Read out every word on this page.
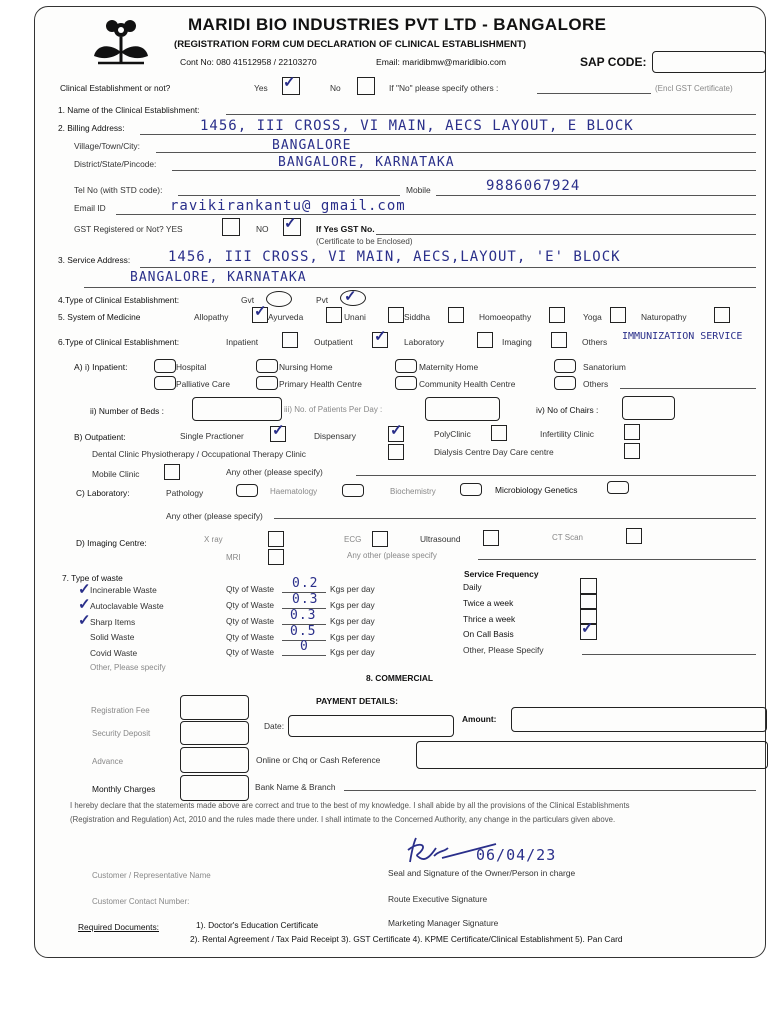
MARIDI BIO INDUSTRIES PVT LTD - BANGALORE
(REGISTRATION FORM CUM DECLARATION OF CLINICAL ESTABLISHMENT)
Cont No: 080 41512958 / 22103270	Email: maridibmw@maridibio.com	SAP CODE:
Clinical Establishment or not?	Yes ✓	No	If "No" please specify others :	(Encl GST Certificate)
1. Name of the Clinical Establishment:
2. Billing Address:	1456, III CROSS, VI MAIN, AECS LAYOUT, E BLOCK
Village/Town/City:	BANGALORE
District/State/Pincode:	BANGALORE, KARNATAKA
Tel No (with STD code):	Mobile	9886067924
Email ID	ravikirankantu@ gmail.com
GST Registered or Not? YES	NO ✓ If Yes GST No.
(Certificate to be Enclosed)
3. Service Address:	1456, III CROSS, VI MAIN, AECS,LAYOUT, 'E' BLOCK
BANGALORE, KARNATAKA
4.Type of Clinical Establishment:	Gvt	Pvt ✓
5. System of Medicine	Allopathy ✓ Ayurveda	Unani	Siddha	Homoeopathy	Yoga	Naturopathy
6.Type of Clinical Establishment:	Inpatient	Outpatient ✓ Laboratory	Imaging	Others IMMUNIZATION SERVICE
A) i) Inpatient:	Hospital	Nursing Home	Maternity Home	Sanatorium
Palliative Care	Primary Health Centre	Community Health Centre	Others
ii) Number of Beds :	iii) No. of Patients Per Day :	iv) No of Chairs :
B) Outpatient:	Single Practioner ✓	Dispensary ✓	PolyClinic	Infertility Clinic
Dental Clinic Physiotherapy / Occupational Therapy Clinic	Dialysis Centre Day Care centre
Mobile Clinic	Any other (please specify)
C) Laboratory:	Pathology	Haematology	Biochemistry	Microbiology Genetics
Any other (please specify)
D) Imaging Centre:	X ray	ECG	Ultrasound	CT Scan
MRI	Any other (please specify
7. Type of waste	Service Frequency
✓ Incinerable Waste	Qty of Waste 0.2 Kgs per day	Daily
✓ Autoclavable Waste	Qty of Waste 0.3 Kgs per day	Twice a week
✓ Sharp Items	Qty of Waste 0.3 Kgs per day	Thrice a week
Solid Waste	Qty of Waste 0.5 Kgs per day	On Call Basis
Covid Waste	Qty of Waste 0	Kgs per day	Other, Please Specify
Other, Please specify
✓
8. COMMERCIAL
PAYMENT DETAILS:
Registration Fee
Date:
Amount:
Security Deposit
Advance	Online or Chq or Cash Reference
Monthly Charges	Bank Name & Branch
I hereby declare that the statements made above are correct and true to the best of my knowledge. I shall abide by all the provisions of the Clinical Establishments
(Registration and Regulation) Act, 2010 and the rules made there under. I shall intimate to the Concerned Authority, any change in the particulars given above.
06/04/23
Customer / Representative Name	Seal and Signature of the Owner/Person in charge
Customer Contact Number:	Route Executive Signature
Required Documents:	1). Doctor's Education Certificate	Marketing Manager Signature
2). Rental Agreement / Tax Paid Receipt 3). GST Certificate 4). KPME Certificate/Clinical Establishment 5). Pan Card
